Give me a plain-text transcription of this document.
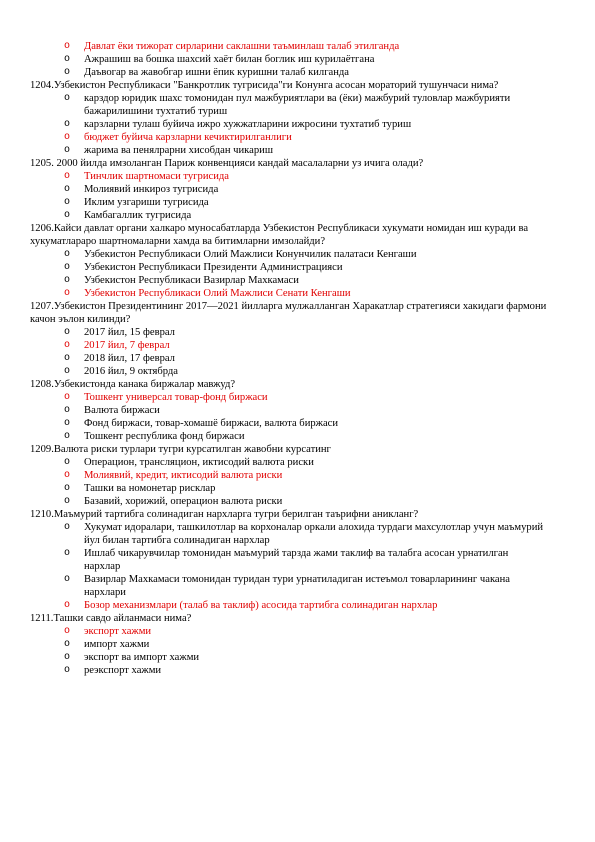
o Давлат ёки тижорат сирларини саклашни таъминлаш талаб этилганда
o Ажрашиш ва бошка шахсий хаёт билан боглик иш курилаётганa
o Даъвогар ва жавобгар ишни ёпик куришни талаб килганда

1204.Узбекистон Республикаси "Банкротлик тугрисида"ги Конунга асосан мораторий тушунчаси нима?

o карздор юридик шахс томонидан пул мажбуриятлари ва (ёки) мажбурий туловлар мажбурияти бажарилишини тухтатиб туриш
o карзларни тулаш буйича ижро хужжатларини ижросини тухтатиб туриш
o бюджет буйича карзларни кечиктирилганлиги
o жарима ва пенялрарни хисобдан чикариш

1205. 2000 йилда имзоланган Париж конвенцияси кандай масалаларни уз ичига олади?

o Тинчлик шартномаси тугрисида
o Молиявий инкироз тугрисида
o Иклим узгариши тугрисида
o Камбагаллик тугрисида

1206.Кайси давлат органи халкаро муносабатларда Узбекистон Республикаси хукумати номидан иш куради ва хукуматлараро шартномаларни хамда ва битимларни имзолайди?

o Узбекистон Республикаси Олий Мажлиси Конунчилик палатаси Кенгаши
o Узбекистон Республикаси Президенти Администрацияси
o Узбекистон Республикаси Вазирлар Махкамаси
o Узбекистон Республикаси Олий Мажлиси Сенати Кенгаши

1207.Узбекистон Президентининг 2017—2021 йилларга мулжалланган Харакатлар стратегияси хакидаги фармони качон эълон килинди?

o 2017 йил, 15 феврал
o 2017 йил, 7 феврал
o 2018 йил, 17 феврал
o 2016 йил, 9 октябрда

1208.Узбекистонда канака биржалар мавжуд?

o Тошкент универсал товар-фонд биржаси
o Валюта биржаси
o Фонд биржаси, товар-хомашё биржаси, валюта биржаси
o Тошкент республика фонд биржаси

1209.Валюта риски турлари тугри курсатилган жавобни курсатинг

o Операцион, трансляцион, иктисодий валюта риски
o Молиявий, кредит, иктисодий валюта риски
o Ташки ва номонетар рисклар
o Базавий, хорижий, операцион валюта риски

1210.Маъмурий тартибга солинадиган нархларга тугри берилган таърифни аникланг?

o Хукумат идоралари, ташкилотлар ва корхоналар оркали алохида турдаги махсулотлар учун маъмурий йул билан тартибга солинадиган нархлар
o Ишлаб чикарувчилар томонидан маъмурий тарзда жами таклиф ва талабга асосан урнатилган нархлар
o Вазирлар Махкамаси томонидан туридан тури урнатиладиган истеъмол товарларининг чакана нархлари
o Бозор механизмлари (талаб ва таклиф) асосида тартибга солинадиган нархлар

1211.Ташки савдо айланмаси нима?

o экспорт хажми
o импорт хажми
o экспорт ва импорт хажми
o реэкспорт хажми
